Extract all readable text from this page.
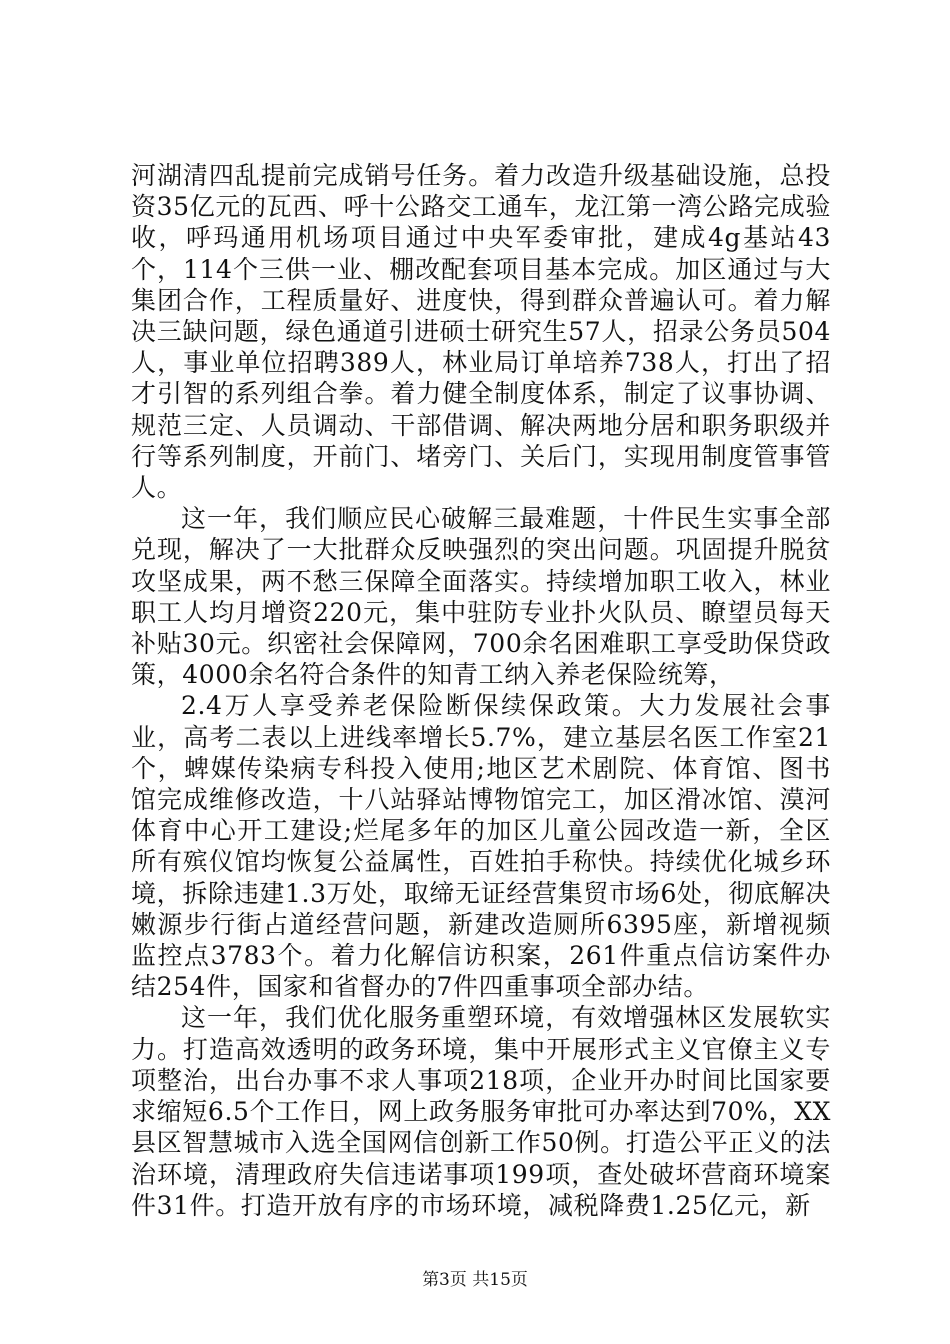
河湖清四乱提前完成销号任务。着力改造升级基础设施，总投资35亿元的瓦西、呼十公路交工通车，龙江第一湾公路完成验收，呼玛通用机场项目通过中央军委审批，建成4g基站43个，114个三供一业、棚改配套项目基本完成。加区通过与大集团合作，工程质量好、进度快，得到群众普遍认可。着力解决三缺问题，绿色通道引进硕士研究生57人，招录公务员504人，事业单位招聘389人，林业局订单培养738人，打出了招才引智的系列组合拳。着力健全制度体系，制定了议事协调、规范三定、人员调动、干部借调、解决两地分居和职务职级并行等系列制度，开前门、堵旁门、关后门，实现用制度管事管人。

这一年，我们顺应民心破解三最难题，十件民生实事全部兑现，解决了一大批群众反映强烈的突出问题。巩固提升脱贫攻坚成果，两不愁三保障全面落实。持续增加职工收入，林业职工人均月增资220元，集中驻防专业扑火队员、瞭望员每天补贴30元。织密社会保障网，700余名困难职工享受助保贷政策，4000余名符合条件的知青工纳入养老保险统筹，

2.4万人享受养老保险断保续保政策。大力发展社会事业，高考二表以上进线率增长5.7%，建立基层名医工作室21个，蜱媒传染病专科投入使用;地区艺术剧院、体育馆、图书馆完成维修改造，十八站驿站博物馆完工，加区滑冰馆、漠河体育中心开工建设;烂尾多年的加区儿童公园改造一新，全区所有殡仪馆均恢复公益属性，百姓拍手称快。持续优化城乡环境，拆除违建1.3万处，取缔无证经营集贸市场6处，彻底解决嫩源步行街占道经营问题，新建改造厕所6395座，新增视频监控点3783个。着力化解信访积案，261件重点信访案件办结254件，国家和省督办的7件四重事项全部办结。

这一年，我们优化服务重塑环境，有效增强林区发展软实力。打造高效透明的政务环境，集中开展形式主义官僚主义专项整治，出台办事不求人事项218项，企业开办时间比国家要求缩短6.5个工作日，网上政务服务审批可办率达到70%，XX县区智慧城市入选全国网信创新工作50例。打造公平正义的法治环境，清理政府失信违诺事项199项，查处破坏营商环境案件31件。打造开放有序的市场环境，减税降费1.25亿元，新

第3页 共15页
